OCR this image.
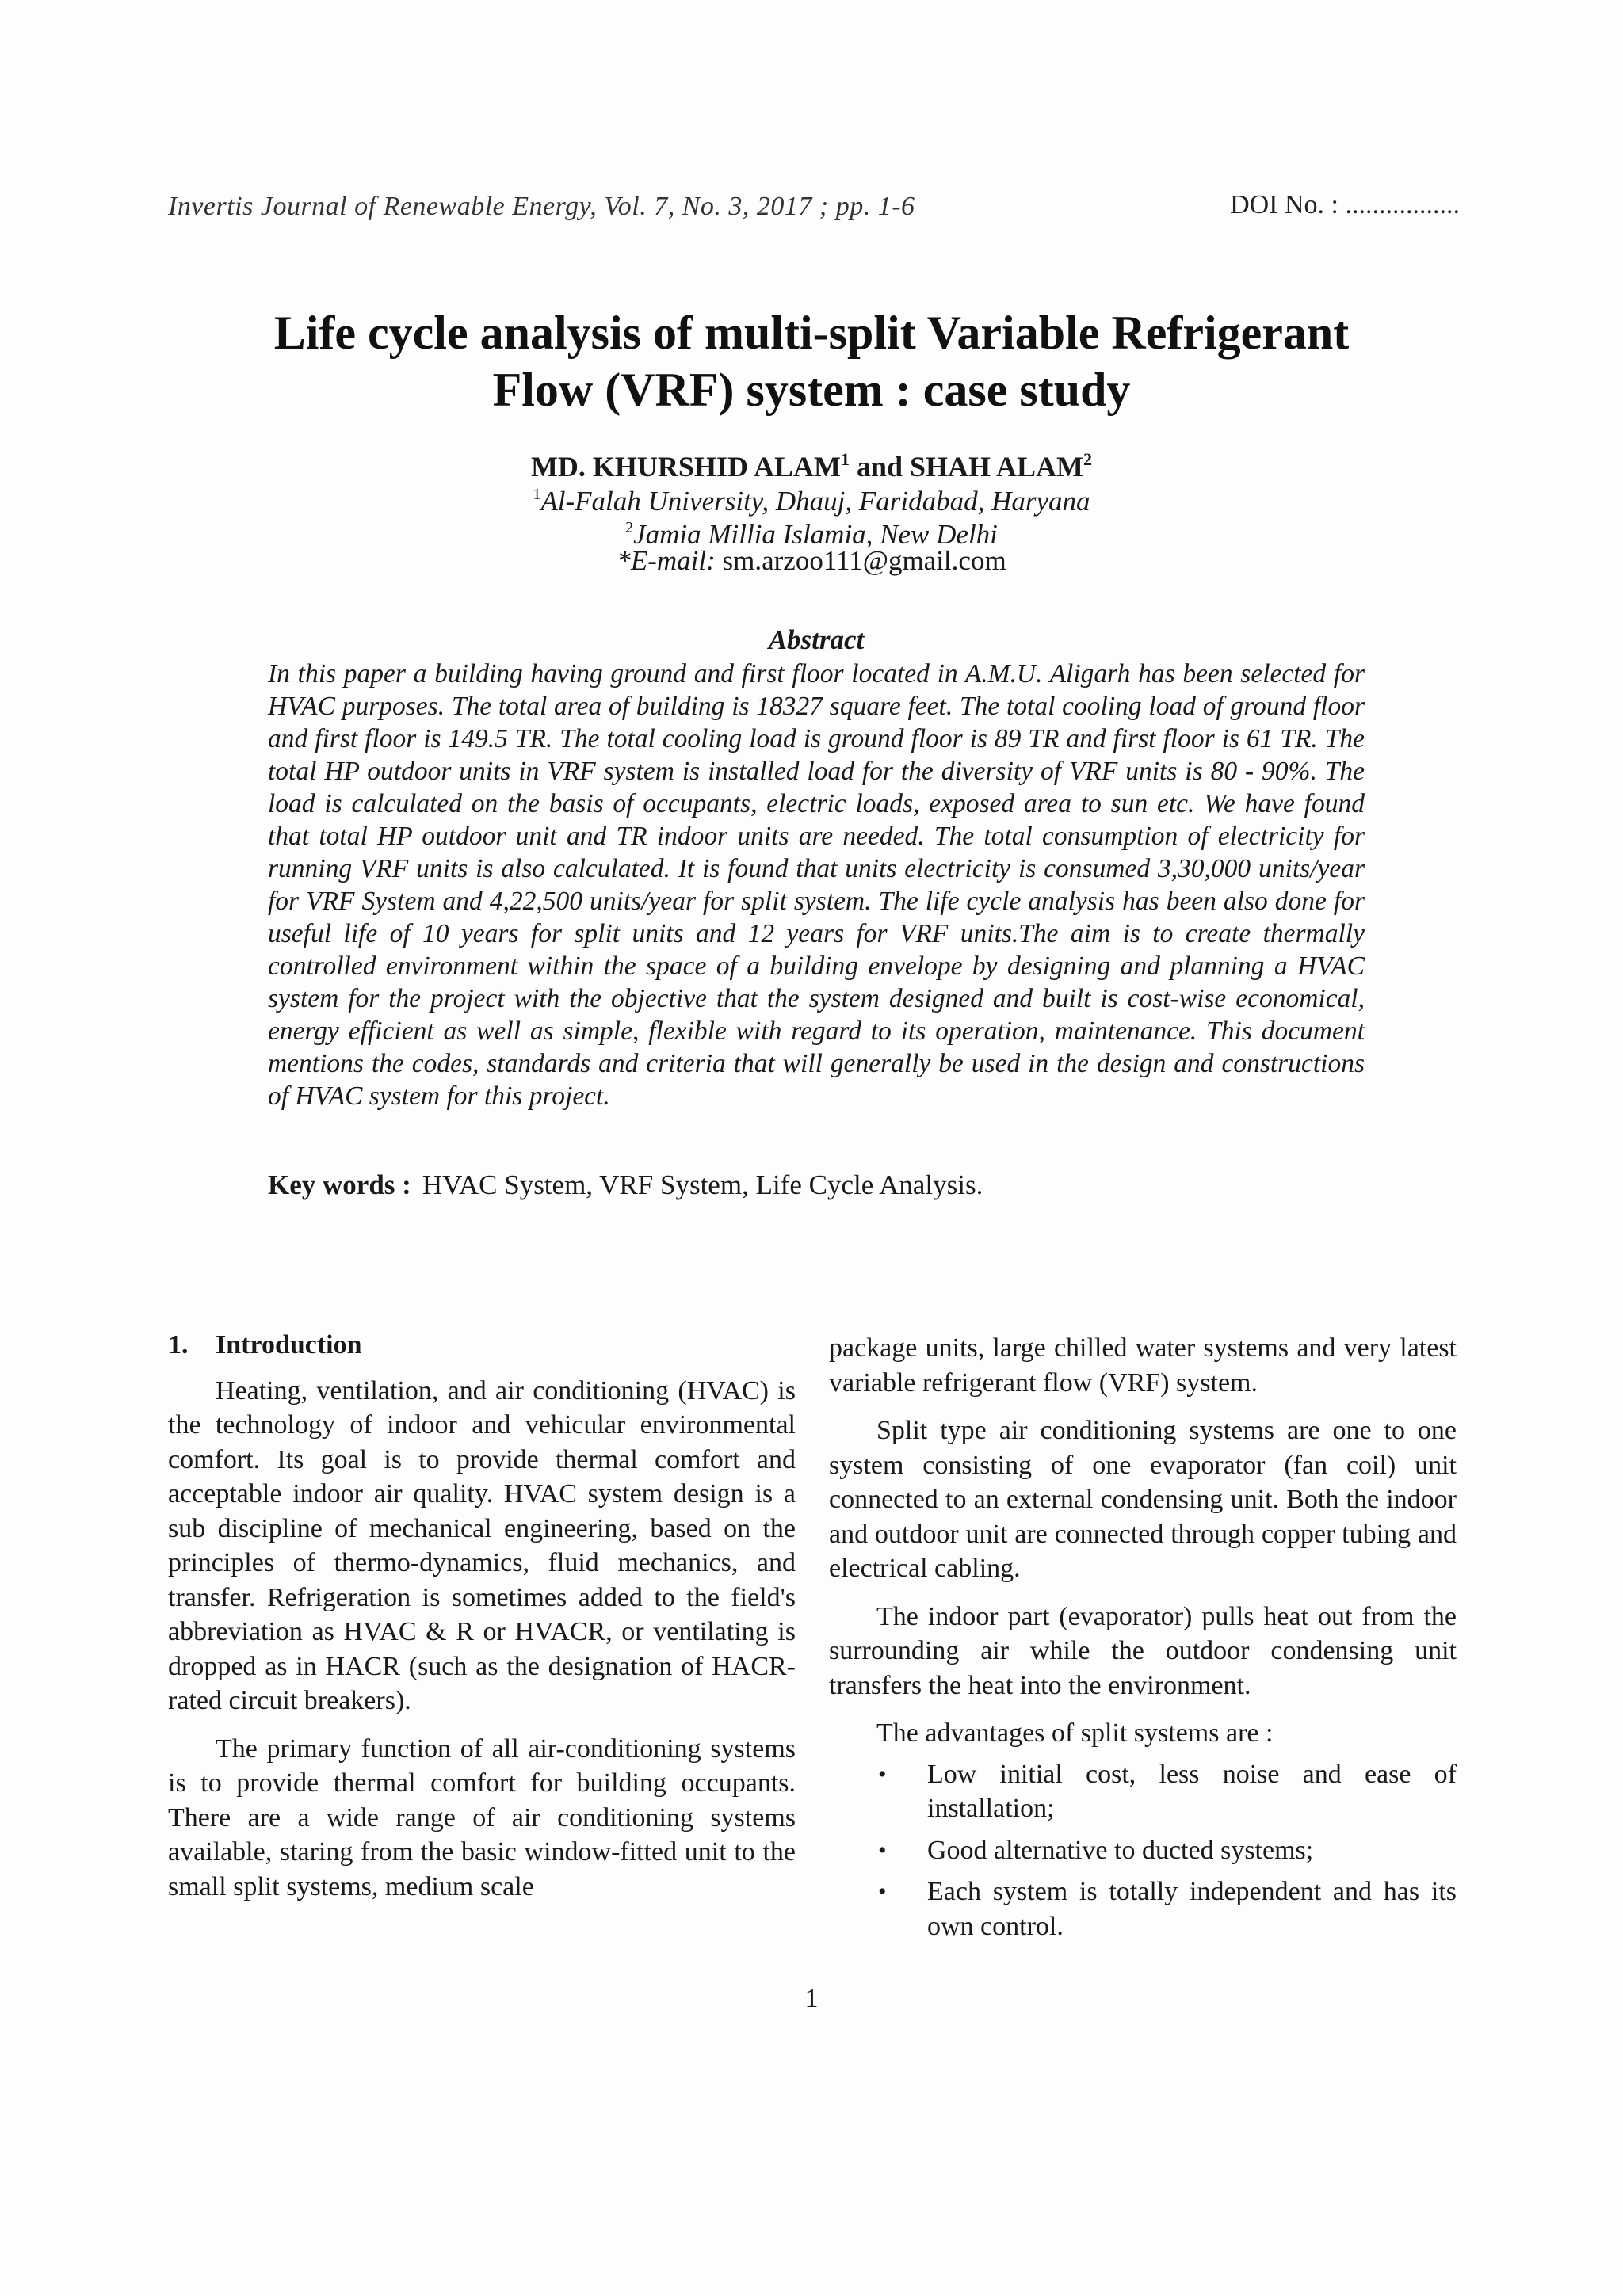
Invertis Journal of Renewable Energy, Vol. 7, No. 3, 2017 ; pp. 1-6	DOI No. : .................
Life cycle analysis of multi-split Variable Refrigerant
Flow (VRF) system : case study
MD. KHURSHID ALAM$^1$ and SHAH ALAM$^2$
$^1$Al-Falah University, Dhauj, Faridabad, Haryana
$^2$Jamia Millia Islamia, New Delhi
*E-mail: sm.arzoo111@gmail.com
Abstract

In this paper a building having ground and first floor located in A.M.U. Aligarh has been selected for HVAC purposes. The total area of building is 18327 square feet. The total cooling load of ground floor and first floor is 149.5 TR. The total cooling load is ground floor is 89 TR and first floor is 61 TR. The total HP outdoor units in VRF system is installed load for the diversity of VRF units is 80 - 90%. The load is calculated on the basis of occupants, electric loads, exposed area to sun etc. We have found that total HP outdoor unit and TR indoor units are needed. The total consumption of electricity for running VRF units is also calculated. It is found that units electricity is consumed 3,30,000 units/year for VRF System and 4,22,500 units/year for split system. The life cycle analysis has been also done for useful life of 10 years for split units and 12 years for VRF units.The aim is to create thermally controlled environment within the space of a building envelope by designing and planning a HVAC system for the project with the objective that the system designed and built is cost-wise economical, energy efficient as well as simple, flexible with regard to its operation, maintenance. This document mentions the codes, standards and criteria that will generally be used in the design and constructions of HVAC system for this project.

Key words : HVAC System, VRF System, Life Cycle Analysis.
1. Introduction

Heating, ventilation, and air conditioning (HVAC) is the technology of indoor and vehicular environmental comfort. Its goal is to provide thermal comfort and acceptable indoor air quality. HVAC system design is a sub discipline of mechanical engineering, based on the principles of thermo-dynamics, fluid mechanics, and transfer. Refrigeration is sometimes added to the field's abbreviation as HVAC & R or HVACR, or ventilating is dropped as in HACR (such as the designation of HACR-rated circuit breakers).

The primary function of all air-conditioning systems is to provide thermal comfort for building occupants. There are a wide range of air conditioning systems available, staring from the basic window-fitted unit to the small split systems, medium scale

package units, large chilled water systems and very latest variable refrigerant flow (VRF) system.

Split type air conditioning systems are one to one system consisting of one evaporator (fan coil) unit connected to an external condensing unit. Both the indoor and outdoor unit are connected through copper tubing and electrical cabling.

The indoor part (evaporator) pulls heat out from the surrounding air while the outdoor condensing unit transfers the heat into the environment.

The advantages of split systems are :

• Low initial cost, less noise and ease of installation;
• Good alternative to ducted systems;
• Each system is totally independent and has its own control.
1
